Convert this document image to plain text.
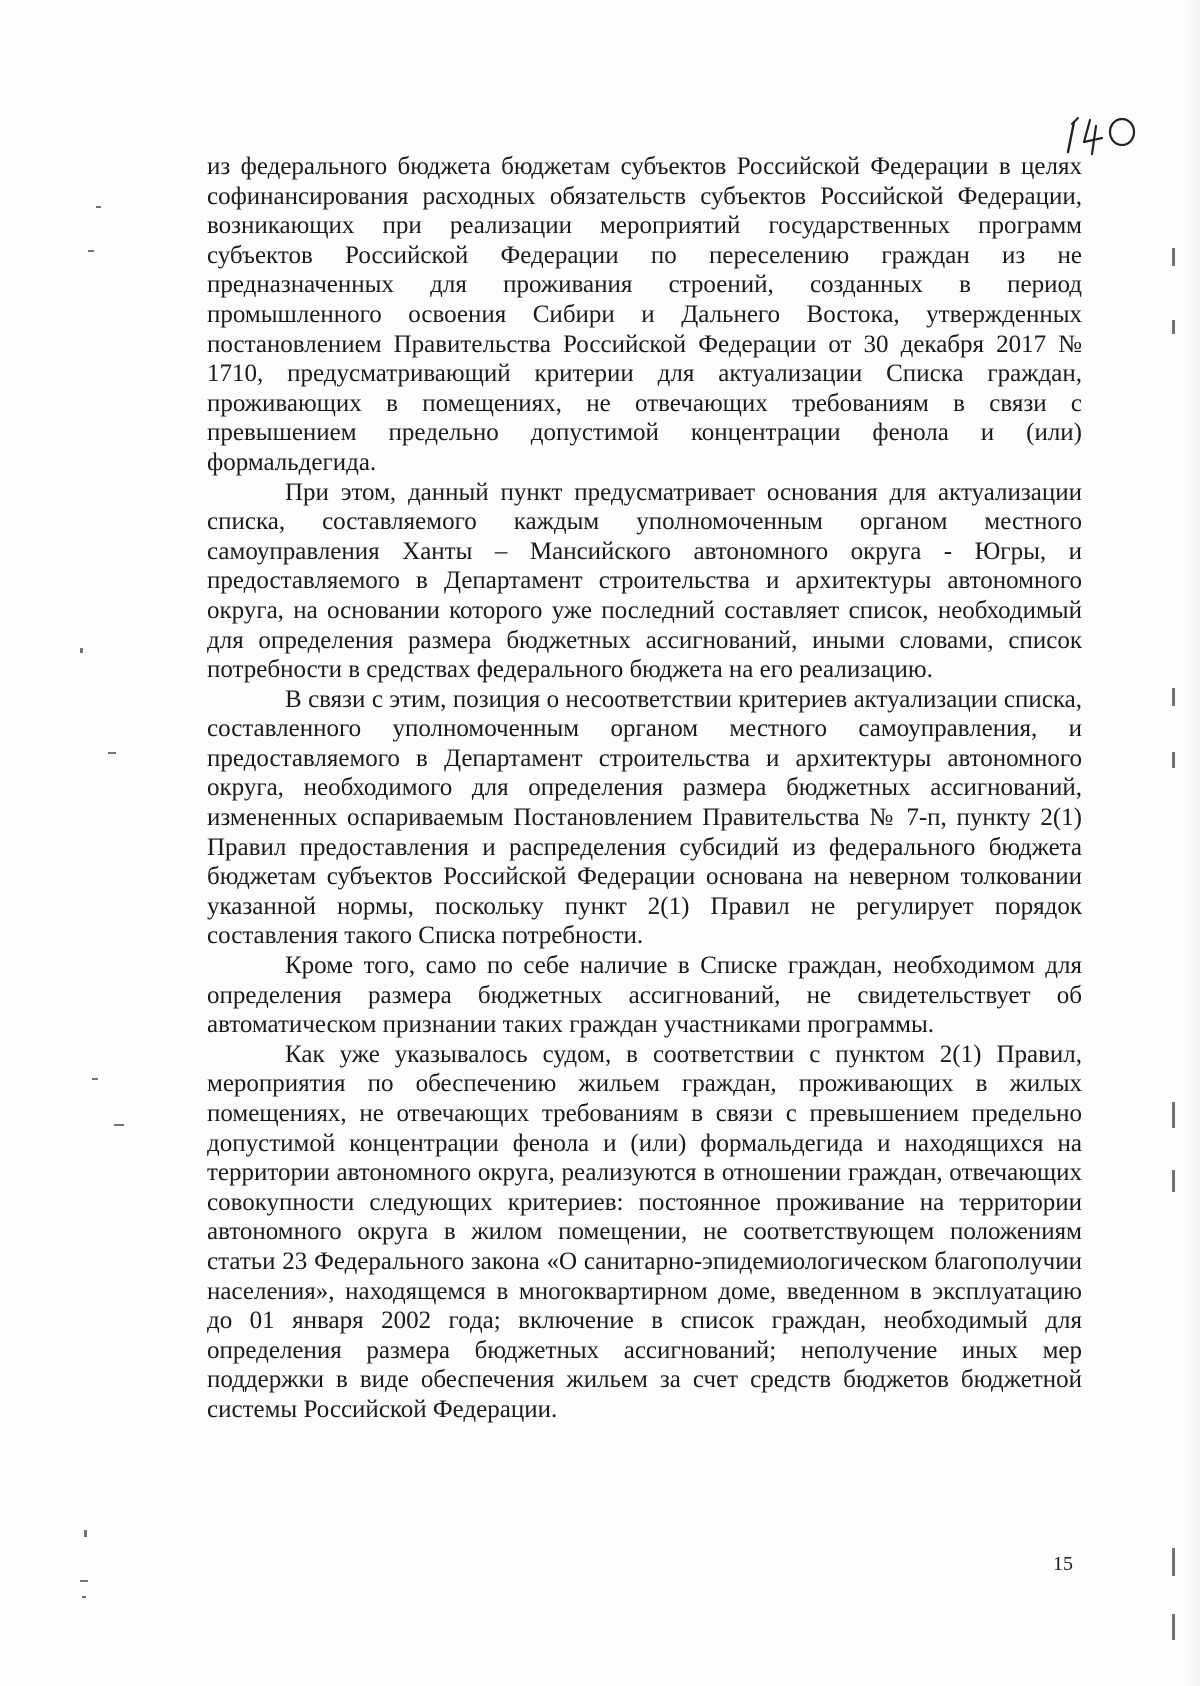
из федерального бюджета бюджетам субъектов Российской Федерации в целях софинансирования расходных обязательств субъектов Российской Федерации, возникающих при реализации мероприятий государственных программ субъектов Российской Федерации по переселению граждан из не предназначенных для проживания строений, созданных в период промышленного освоения Сибири и Дальнего Востока, утвержденных постановлением Правительства Российской Федерации от 30 декабря 2017 № 1710, предусматривающий критерии для актуализации Списка граждан, проживающих в помещениях, не отвечающих требованиям в связи с превышением предельно допустимой концентрации фенола и (или) формальдегида.

При этом, данный пункт предусматривает основания для актуализации списка, составляемого каждым уполномоченным органом местного самоуправления Ханты – Мансийского автономного округа - Югры, и предоставляемого в Департамент строительства и архитектуры автономного округа, на основании которого уже последний составляет список, необходимый для определения размера бюджетных ассигнований, иными словами, список потребности в средствах федерального бюджета на его реализацию.

В связи с этим, позиция о несоответствии критериев актуализации списка, составленного уполномоченным органом местного самоуправления, и предоставляемого в Департамент строительства и архитектуры автономного округа, необходимого для определения размера бюджетных ассигнований, измененных оспариваемым Постановлением Правительства № 7-п, пункту 2(1) Правил предоставления и распределения субсидий из федерального бюджета бюджетам субъектов Российской Федерации основана на неверном толковании указанной нормы, поскольку пункт 2(1) Правил не регулирует порядок составления такого Списка потребности.

Кроме того, само по себе наличие в Списке граждан, необходимом для определения размера бюджетных ассигнований, не свидетельствует об автоматическом признании таких граждан участниками программы.

Как уже указывалось судом, в соответствии с пунктом 2(1) Правил, мероприятия по обеспечению жильем граждан, проживающих в жилых помещениях, не отвечающих требованиям в связи с превышением предельно допустимой концентрации фенола и (или) формальдегида и находящихся на территории автономного округа, реализуются в отношении граждан, отвечающих совокупности следующих критериев: постоянное проживание на территории автономного округа в жилом помещении, не соответствующем положениям статьи 23 Федерального закона «О санитарно-эпидемиологическом благополучии населения», находящемся в многоквартирном доме, введенном в эксплуатацию до 01 января 2002 года; включение в список граждан, необходимый для определения размера бюджетных ассигнований; неполучение иных мер поддержки в виде обеспечения жильем за счет средств бюджетов бюджетной системы Российской Федерации.

15
